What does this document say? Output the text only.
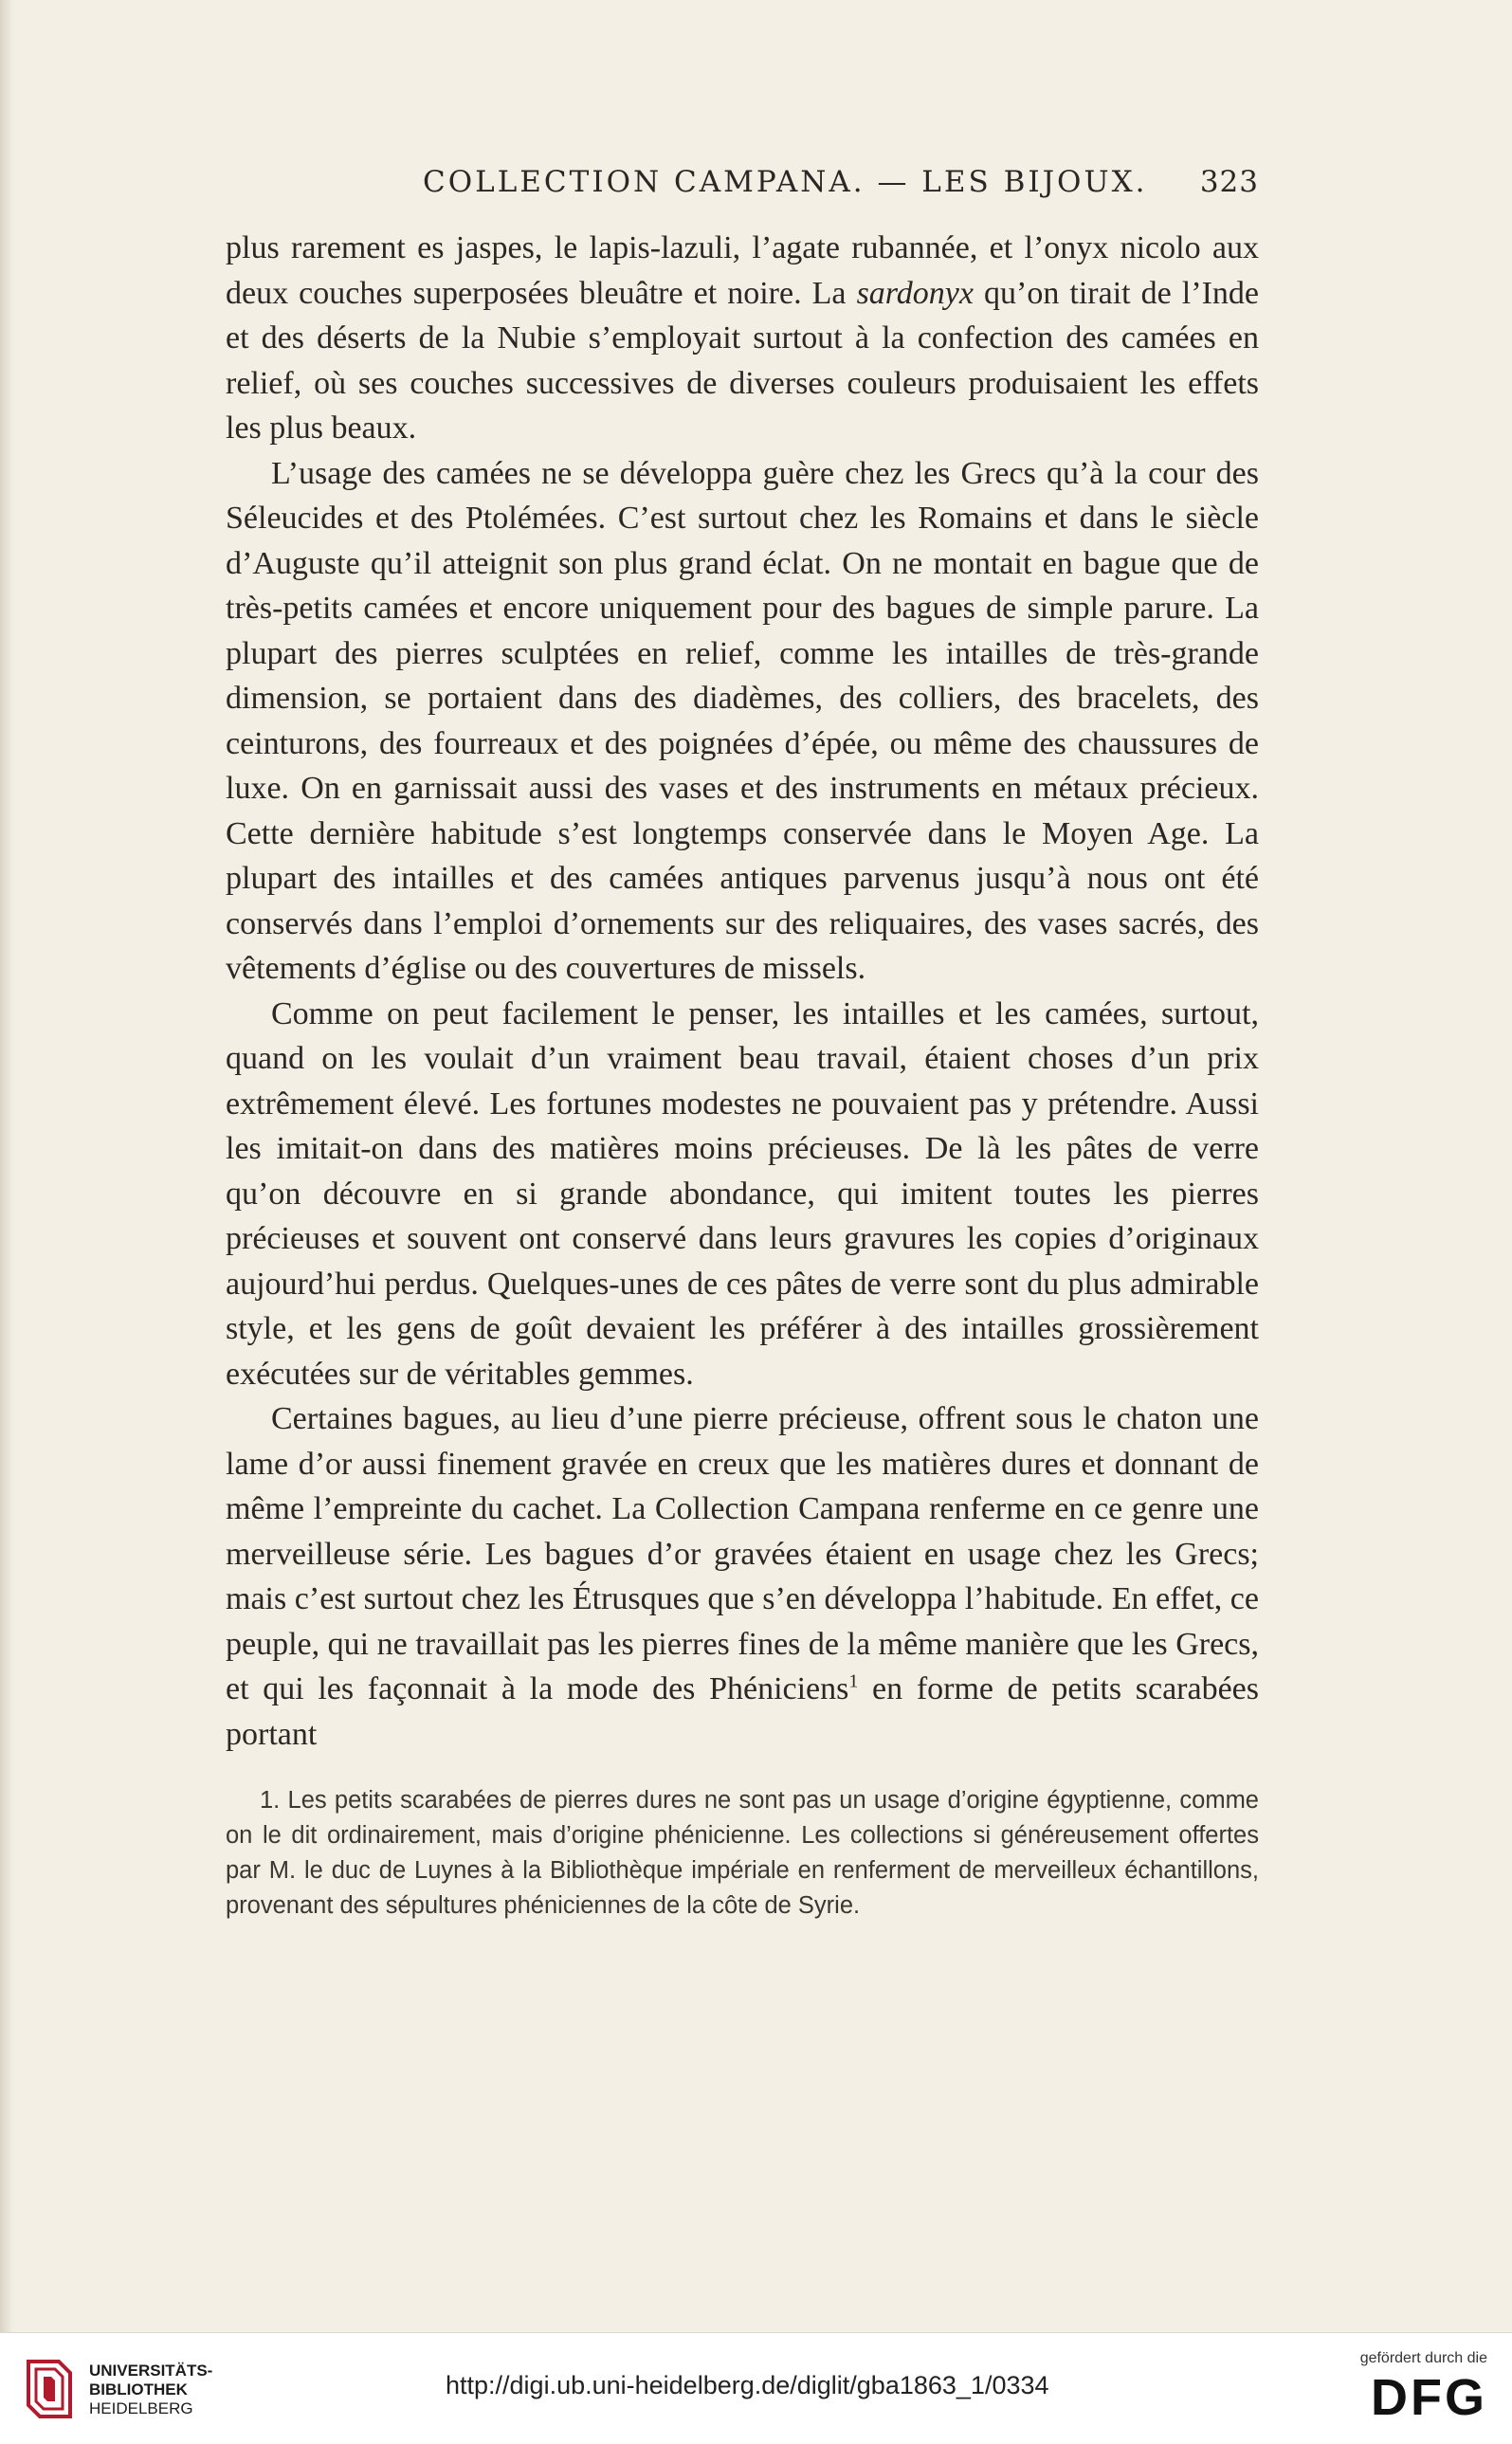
COLLECTION CAMPANA. — LES BIJOUX. 323

plus rarement es jaspes, le lapis-lazuli, l’agate rubannée, et l’onyx nicolo aux deux couches superposées bleuâtre et noire. La sardonyx qu’on tirait de l’Inde et des déserts de la Nubie s’employait surtout à la confection des camées en relief, où ses couches successives de diverses couleurs produisaient les effets les plus beaux.

L’usage des camées ne se développa guère chez les Grecs qu’à la cour des Séleucides et des Ptolémées. C’est surtout chez les Romains et dans le siècle d’Auguste qu’il atteignit son plus grand éclat. On ne montait en bague que de très-petits camées et encore uniquement pour des bagues de simple parure. La plupart des pierres sculptées en relief, comme les intailles de très-grande dimension, se portaient dans des diadèmes, des colliers, des bracelets, des ceinturons, des fourreaux et des poignées d’épée, ou même des chaussures de luxe. On en garnissait aussi des vases et des instruments en métaux précieux. Cette dernière habitude s’est longtemps conservée dans le Moyen Age. La plupart des intailles et des camées antiques parvenus jusqu’à nous ont été conservés dans l’emploi d’ornements sur des reliquaires, des vases sacrés, des vêtements d’église ou des couvertures de missels.

Comme on peut facilement le penser, les intailles et les camées, surtout, quand on les voulait d’un vraiment beau travail, étaient choses d’un prix extrêmement élevé. Les fortunes modestes ne pouvaient pas y prétendre. Aussi les imitait-on dans des matières moins précieuses. De là les pâtes de verre qu’on découvre en si grande abondance, qui imitent toutes les pierres précieuses et souvent ont conservé dans leurs gravures les copies d’originaux aujourd’hui perdus. Quelques-unes de ces pâtes de verre sont du plus admirable style, et les gens de goût devaient les préférer à des intailles grossièrement exécutées sur de véritables gemmes.

Certaines bagues, au lieu d’une pierre précieuse, offrent sous le chaton une lame d’or aussi finement gravée en creux que les matières dures et donnant de même l’empreinte du cachet. La Collection Campana renferme en ce genre une merveilleuse série. Les bagues d’or gravées étaient en usage chez les Grecs; mais c’est surtout chez les Étrusques que s’en développa l’habitude. En effet, ce peuple, qui ne travaillait pas les pierres fines de la même manière que les Grecs, et qui les façonnait à la mode des Phéniciens$^1$ en forme de petits scarabées portant

1. Les petits scarabées de pierres dures ne sont pas un usage d’origine égyptienne, comme on le dit ordinairement, mais d’origine phénicienne. Les collections si généreusement offertes par M. le duc de Luynes à la Bibliothèque impériale en renferment de merveilleux échantillons, provenant des sépultures phéniciennes de la côte de Syrie.
UNIVERSITÄTS-
BIBLIOTHEK
HEIDELBERG
http://digi.ub.uni-heidelberg.de/diglit/gba1863_1/0334
gefördert durch die
DFG
